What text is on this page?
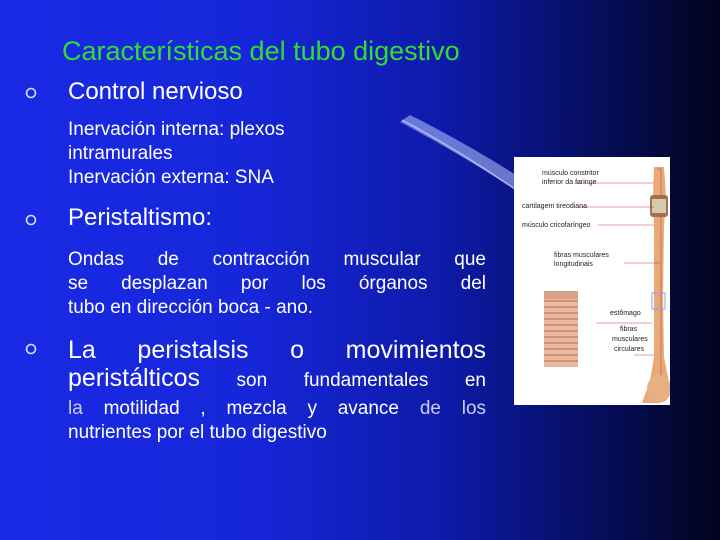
Características del tubo digestivo
Control nervioso
Inervación interna: plexos
intramurales
Inervación externa: SNA
Peristaltismo:
Ondas de contracción muscular que
se desplazan por los órganos del
tubo en dirección boca - ano.
La peristalsis o movimientos
peristálticos son fundamentales en
la motilidad , mezcla y avance de los
nutrientes por el tubo digestivo
músculo constritor
inferior da faringe
cartilagem tireodiana
músculo cricofaríngeo
fibras musculares
longitudinais
fibras
musculares
circulares
estômago
